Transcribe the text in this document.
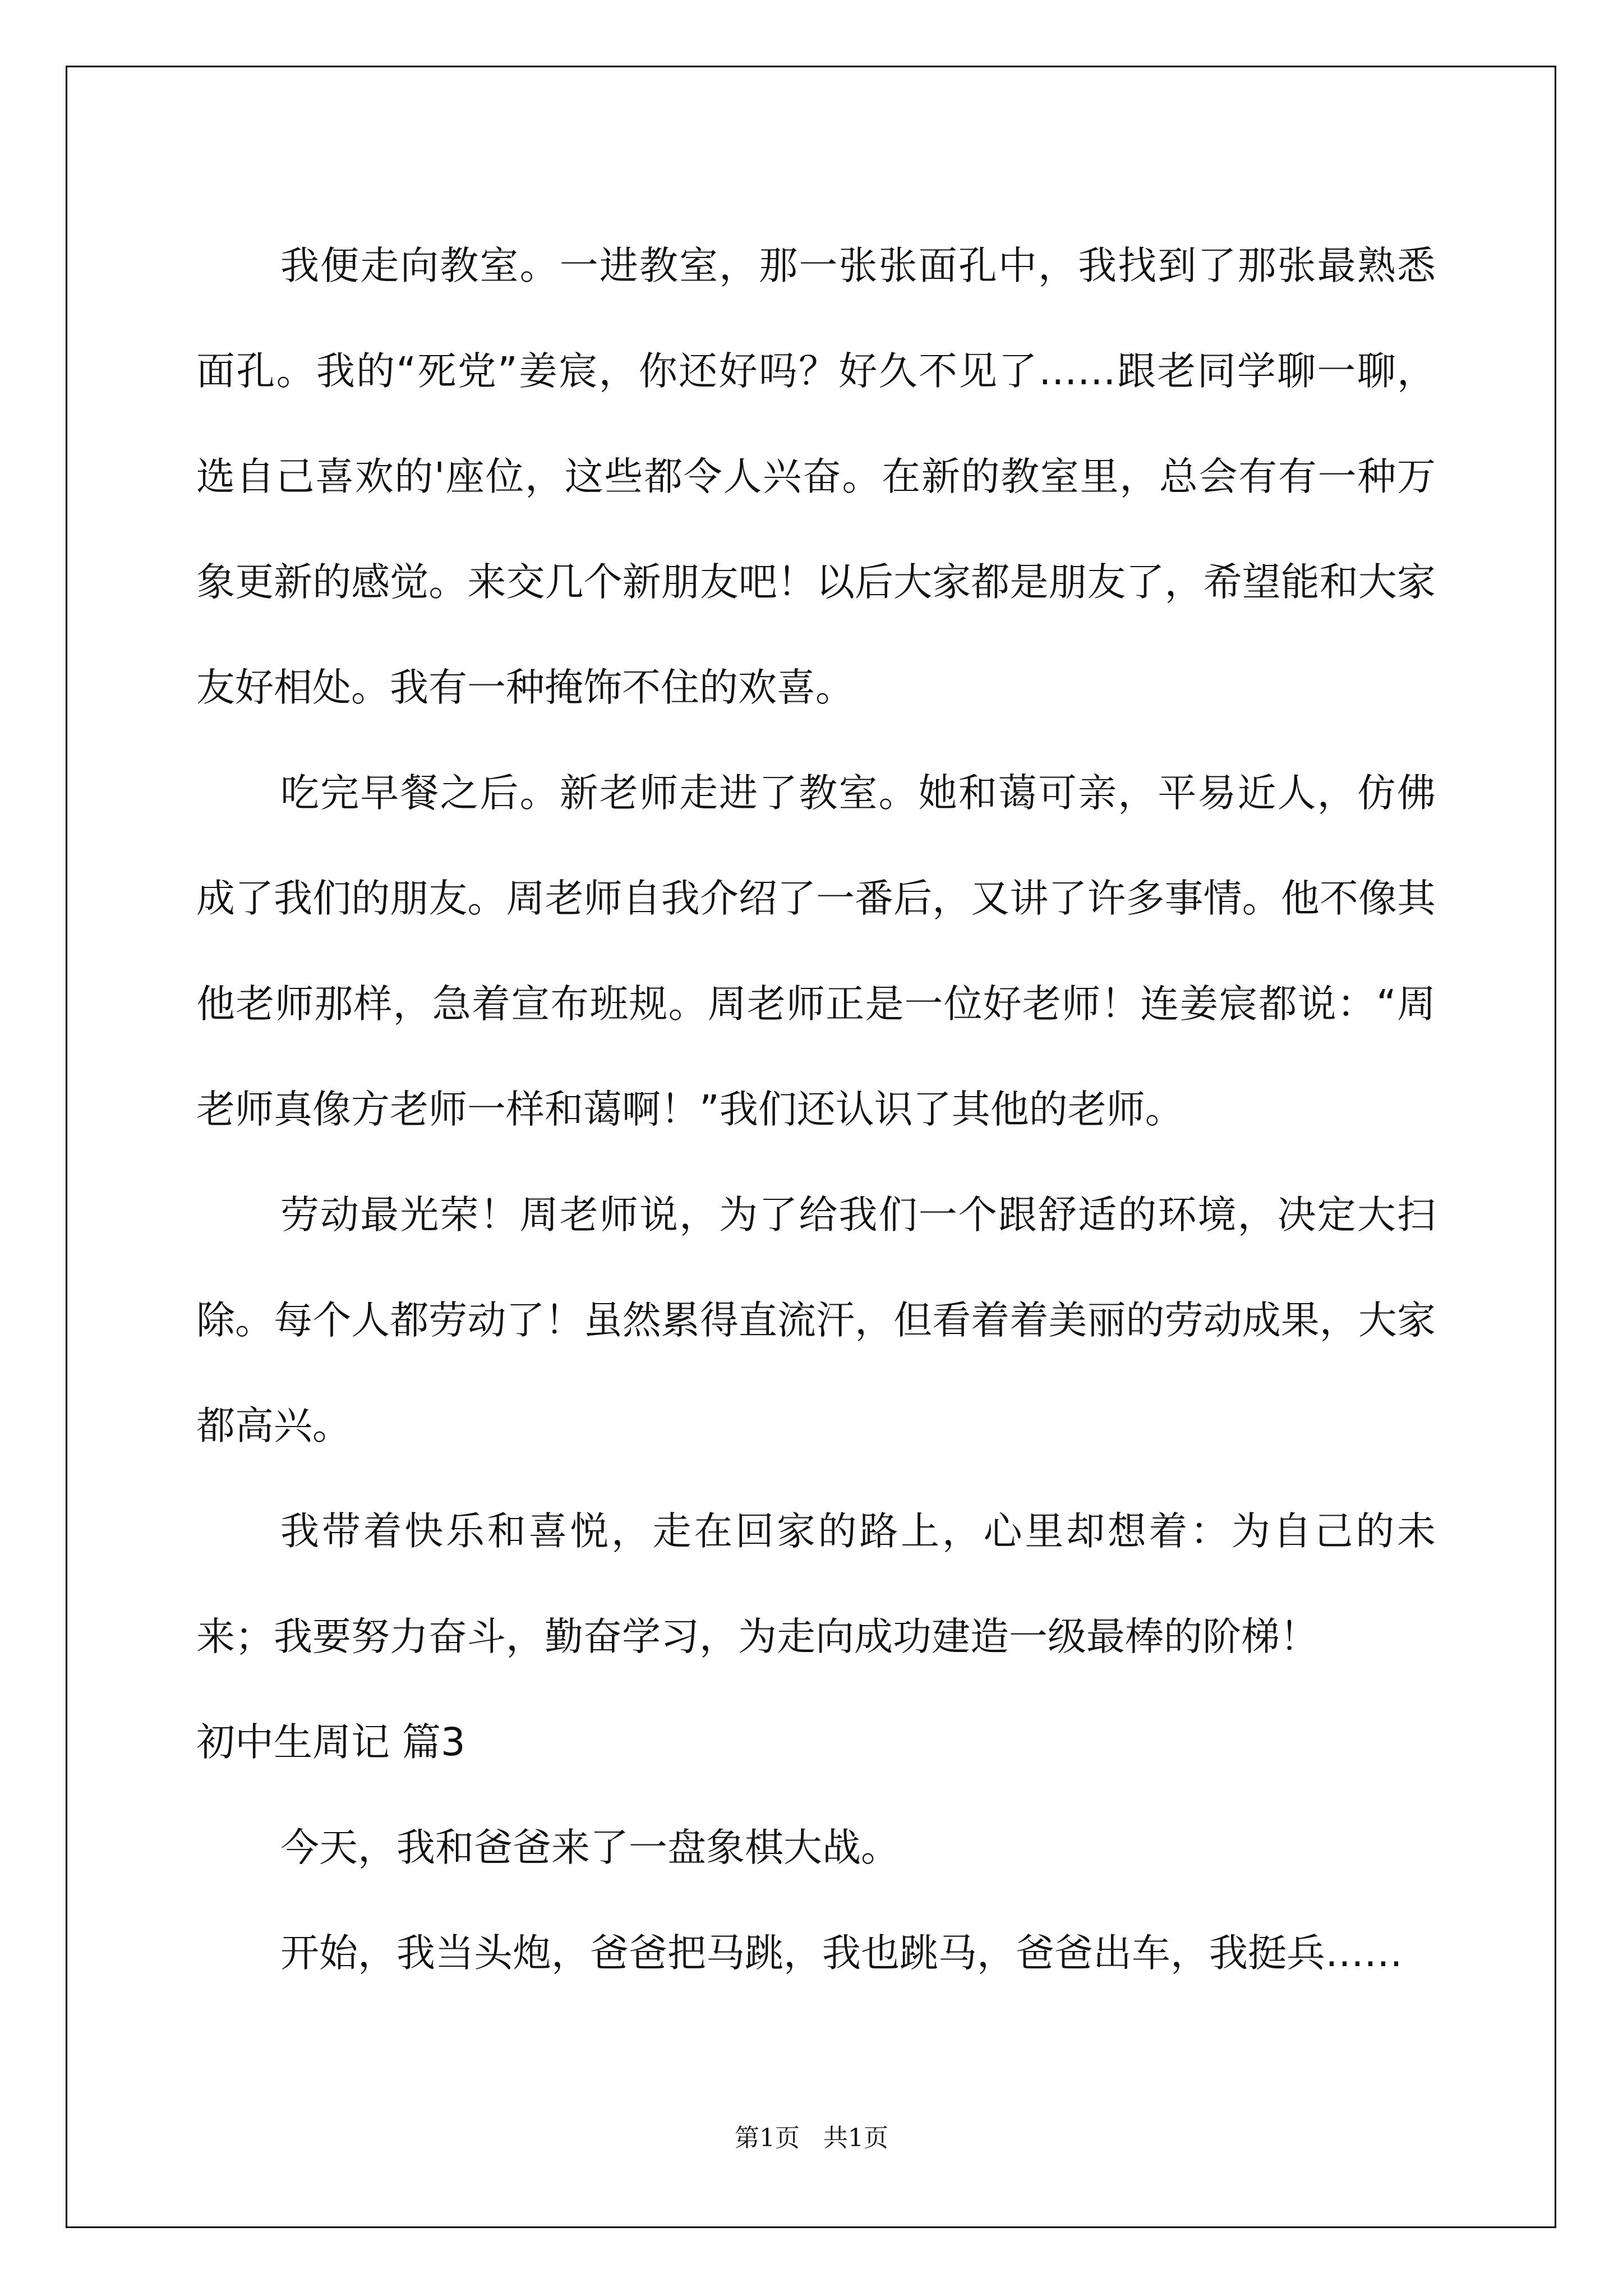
我便走向教室。一进教室，那一张张面孔中，我找到了那张最熟悉面孔。我的“死党”姜宸，你还好吗？好久不见了……跟老同学聊一聊，选自己喜欢的'座位，这些都令人兴奋。在新的教室里，总会有有一种万象更新的感觉。来交几个新朋友吧！以后大家都是朋友了，希望能和大家友好相处。我有一种掩饰不住的欢喜。

吃完早餐之后。新老师走进了教室。她和蔼可亲，平易近人，仿佛成了我们的朋友。周老师自我介绍了一番后，又讲了许多事情。他不像其他老师那样，急着宣布班规。周老师正是一位好老师！连姜宸都说：“周老师真像方老师一样和蔼啊！”我们还认识了其他的老师。

劳动最光荣！周老师说，为了给我们一个跟舒适的环境，决定大扫除。每个人都劳动了！虽然累得直流汗，但看着着美丽的劳动成果，大家都高兴。

我带着快乐和喜悦，走在回家的路上，心里却想着：为自己的未来；我要努力奋斗，勤奋学习，为走向成功建造一级最棒的阶梯！

初中生周记 篇3

今天，我和爸爸来了一盘象棋大战。

开始，我当头炮，爸爸把马跳，我也跳马，爸爸出车，我挺兵……

第1页   共1页
